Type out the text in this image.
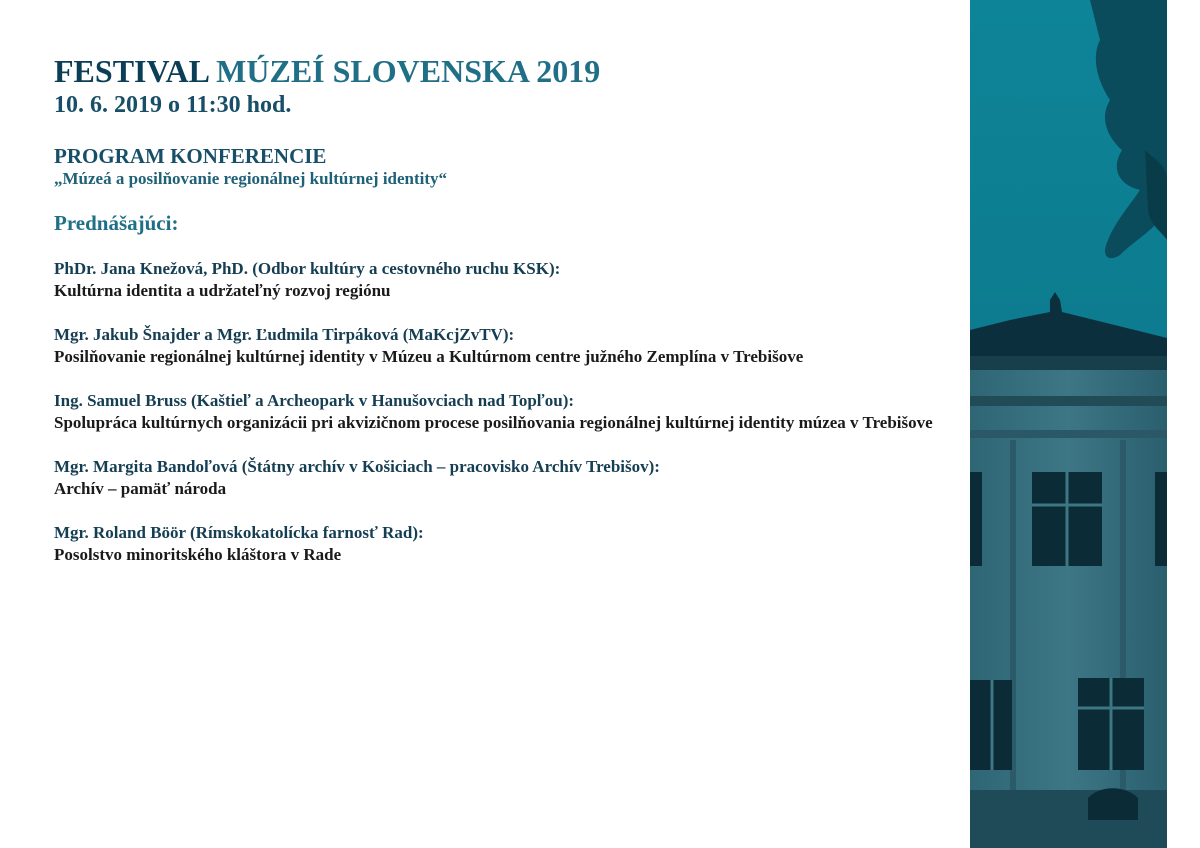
FESTIVAL MÚZEÍ SLOVENSKA 2019
10. 6. 2019 o 11:30 hod.
PROGRAM KONFERENCIE
„Múzeá a posilňovanie regionálnej kultúrnej identity“
Prednášajúci:
PhDr. Jana Knežová, PhD. (Odbor kultúry a cestovného ruchu KSK):
Kultúrna identita a udržateľný rozvoj regiónu
Mgr. Jakub Šnajder a Mgr. Ľudmila Tirpáková (MaKcjZvTV):
Posilňovanie regionálnej kultúrnej identity v Múzeu a Kultúrnom centre južného Zemplína v Trebišove
Ing. Samuel Bruss (Kaštieľ a Archeopark v Hanušovciach nad Topľou):
Spolupráca kultúrnych organizácii pri akvizičnom procese posilňovania regionálnej kultúrnej identity múzea v Trebišove
Mgr. Margita Bandoľová (Štátny archív v Košiciach – pracovisko Archív Trebišov):
Archív – pamäť národa
Mgr. Roland Böör (Rímskokatolícka farnosť Rad):
Posolstvo minoritského kláštora v Rade
